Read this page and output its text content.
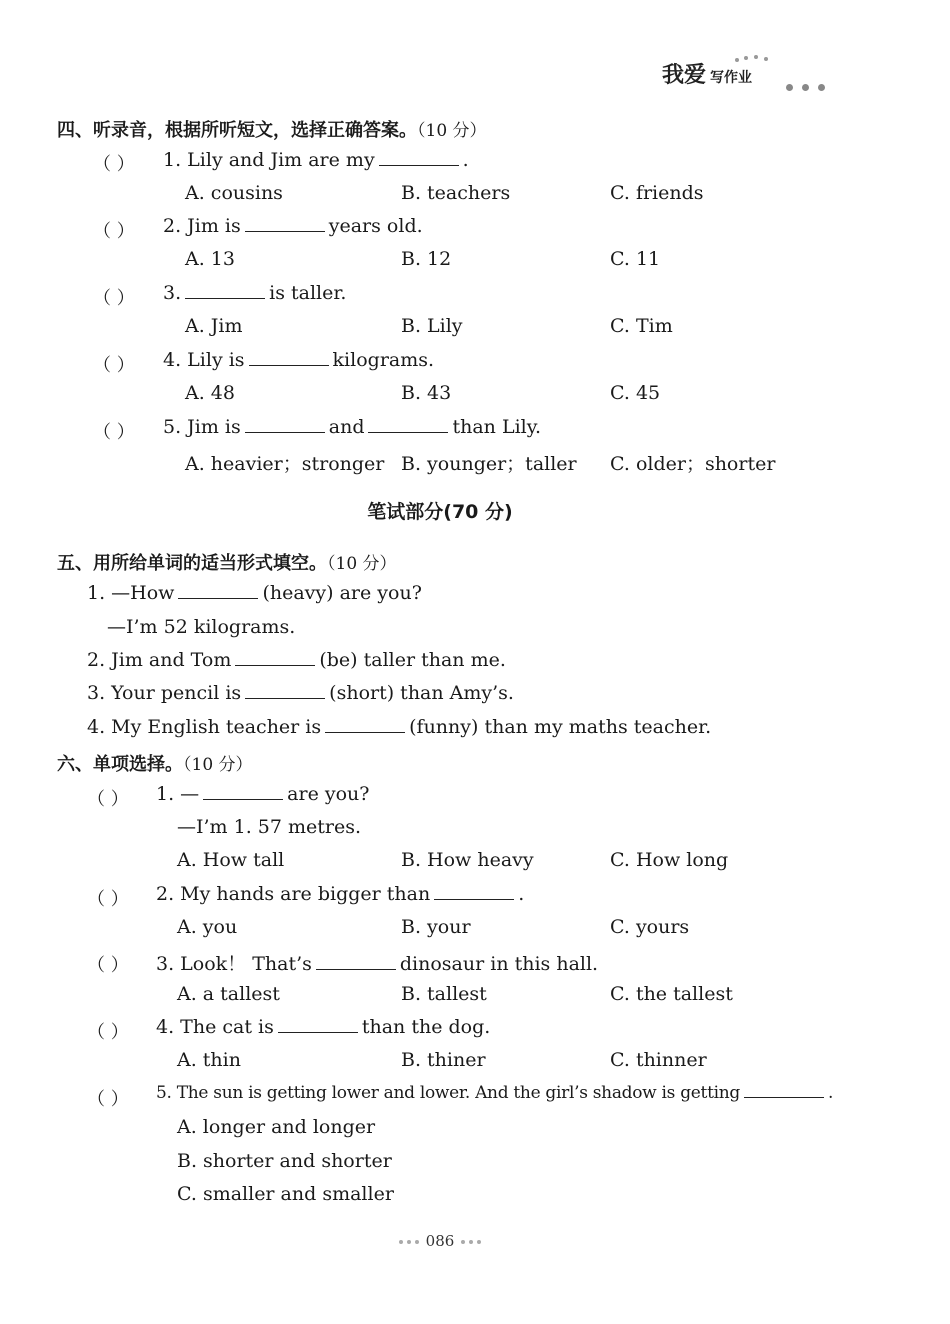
我爱 写作业
四、听录音，根据所听短文，选择正确答案。（10 分）
（ ） 1. Lily and Jim are my	.
A. cousins	B. teachers	C. friends
（ ） 2. Jim is	years old.
A. 13	B. 12	C. 11
（ ） 3.	is taller.
A. Jim	B. Lily	C. Tim
（ ） 4. Lily is	kilograms.
A. 48	B. 43	C. 45
（ ） 5. Jim is	and	than Lily.
A. heavier；stronger B. younger；taller C. older；shorter
笔试部分(70 分)
五、用所给单词的适当形式填空。（10 分）
1. —How	(heavy) are you?
—I’m 52 kilograms.
2. Jim and Tom	(be) taller than me.
3. Your pencil is	(short) than Amy’s.
4. My English teacher is	(funny) than my maths teacher.
六、单项选择。（10 分）
（ ） 1. —	are you?
—I’m 1. 57 metres.
A. How tall	B. How heavy	C. How long
（ ） 2. My hands are bigger than	.
A. you	B. your	C. yours
（ ） 3. Look！ That’s	dinosaur in this hall.
A. a tallest	B. tallest	C. the tallest
（ ） 4. The cat is	than the dog.
A. thin	B. thiner	C. thinner
（ ） 5. The sun is getting lower and lower. And the girl’s shadow is getting	.
A. longer and longer
B. shorter and shorter
C. smaller and smaller
086
